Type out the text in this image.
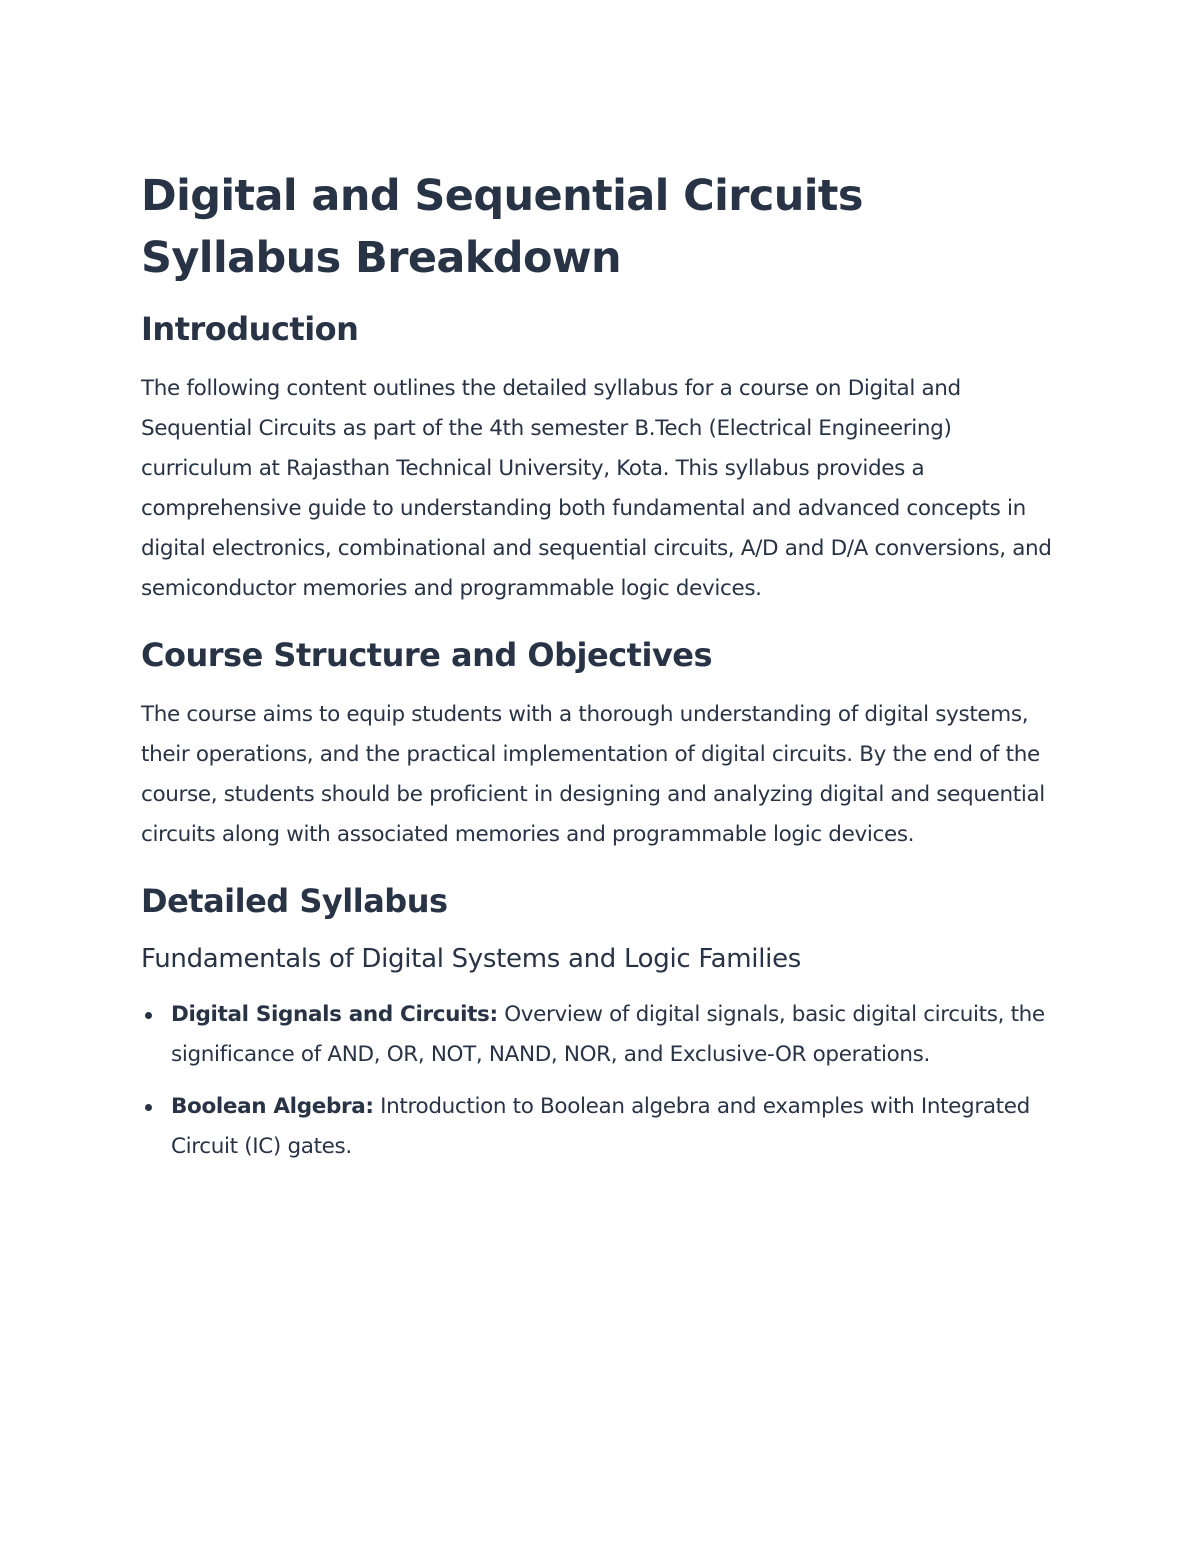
Digital and Sequential Circuits Syllabus Breakdown
Introduction

The following content outlines the detailed syllabus for a course on Digital and Sequential Circuits as part of the 4th semester B.Tech (Electrical Engineering) curriculum at Rajasthan Technical University, Kota. This syllabus provides a comprehensive guide to understanding both fundamental and advanced concepts in digital electronics, combinational and sequential circuits, A/D and D/A conversions, and semiconductor memories and programmable logic devices.

Course Structure and Objectives

The course aims to equip students with a thorough understanding of digital systems, their operations, and the practical implementation of digital circuits. By the end of the course, students should be proficient in designing and analyzing digital and sequential circuits along with associated memories and programmable logic devices.

Detailed Syllabus
Fundamentals of Digital Systems and Logic Families
Digital Signals and Circuits: Overview of digital signals, basic digital circuits, the significance of AND, OR, NOT, NAND, NOR, and Exclusive-OR operations.
Boolean Algebra: Introduction to Boolean algebra and examples with Integrated Circuit (IC) gates.
